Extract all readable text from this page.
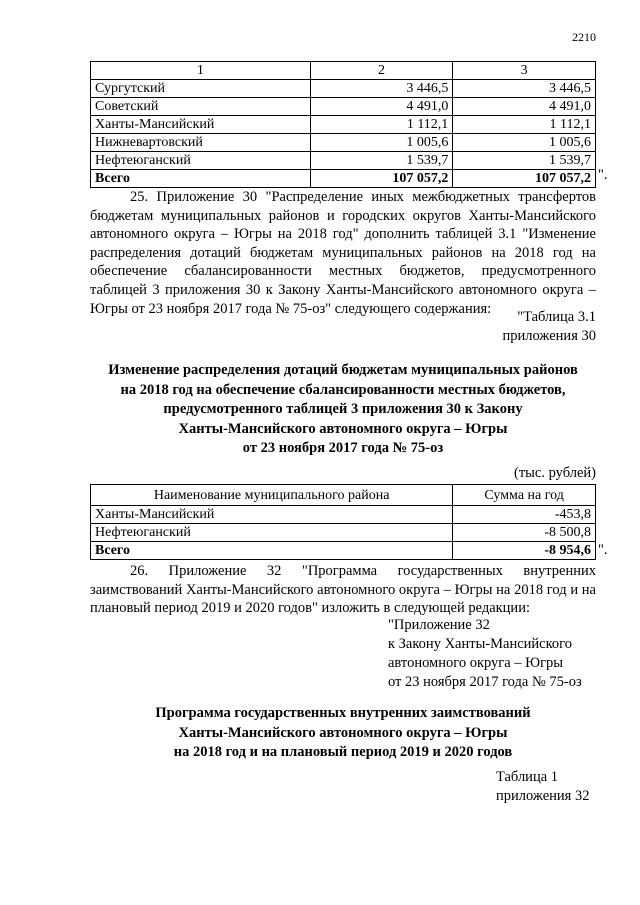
2210
1	2	3
Сургутский	3 446,5	3 446,5
Советский	4 491,0	4 491,0
Ханты-Мансийский	1 112,1	1 112,1
Нижневартовский	1 005,6	1 005,6
Нефтеюганский	1 539,7	1 539,7
Всего	107 057,2	107 057,2 ".

25. Приложение 30 "Распределение иных межбюджетных трансфертов бюджетам муниципальных районов и городских округов Ханты-Мансийского автономного округа – Югры на 2018 год" дополнить таблицей 3.1 "Изменение распределения дотаций бюджетам муниципальных районов на 2018 год на обеспечение сбалансированности местных бюджетов, предусмотренного таблицей 3 приложения 30 к Закону Ханты-Мансийского автономного округа – Югры от 23 ноября 2017 года № 75-оз" следующего содержания:

"Таблица 3.1
приложения 30
Изменение распределения дотаций бюджетам муниципальных районов
на 2018 год на обеспечение сбалансированности местных бюджетов,
предусмотренного таблицей 3 приложения 30 к Закону
Ханты-Мансийского автономного округа – Югры
от 23 ноября 2017 года № 75-оз
(тыс. рублей)
Наименование муниципального района	Сумма на год
Ханты-Мансийский	-453,8
Нефтеюганский	-8 500,8
Всего	-8 954,6 ".

26. Приложение 32 "Программа государственных внутренних заимствований Ханты-Мансийского автономного округа – Югры на 2018 год и на плановый период 2019 и 2020 годов" изложить в следующей редакции:

"Приложение 32
к Закону Ханты-Мансийского
автономного округа – Югры
от 23 ноября 2017 года № 75-оз
Программа государственных внутренних заимствований
Ханты-Мансийского автономного округа – Югры
на 2018 год и на плановый период 2019 и 2020 годов
Таблица 1
приложения 32
